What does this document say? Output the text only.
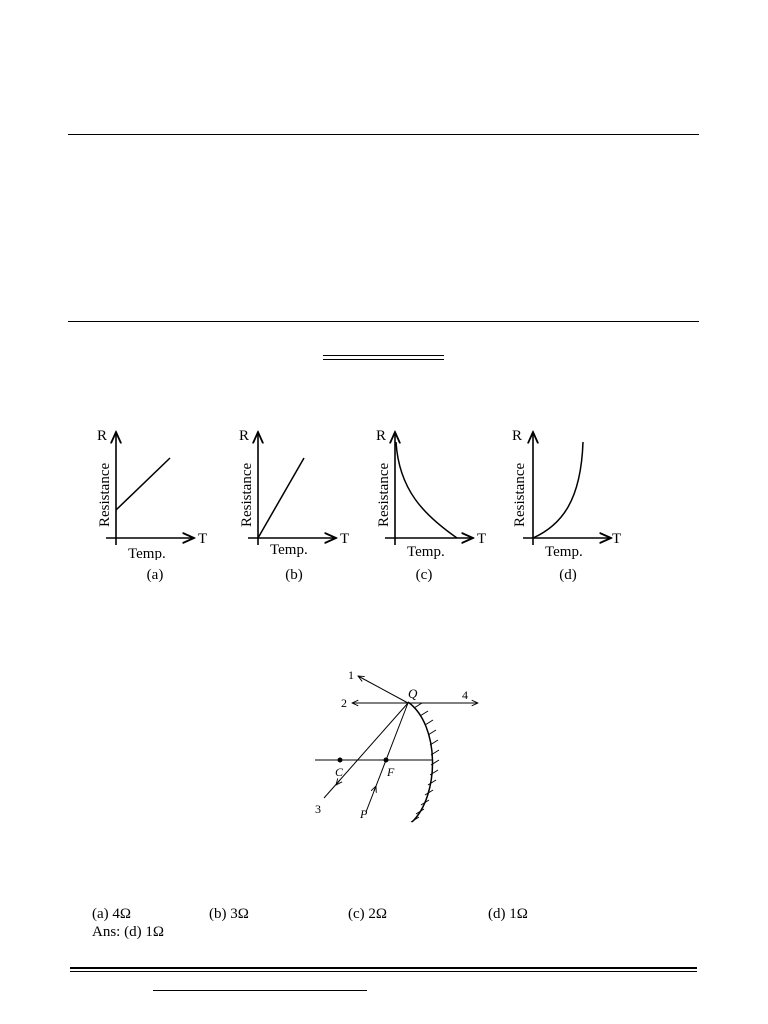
R
Resistance
Temp.
T
(a)
R
Resistance
Temp.
T
(b)
R
Resistance
Temp.
T
(c)
R
Resistance
Temp.
T
(d)
1
2
3
4
Q
C	F
P
(a) 4Ω	(b) 3Ω	(c) 2Ω	(d) 1Ω
Ans: (d) 1Ω
